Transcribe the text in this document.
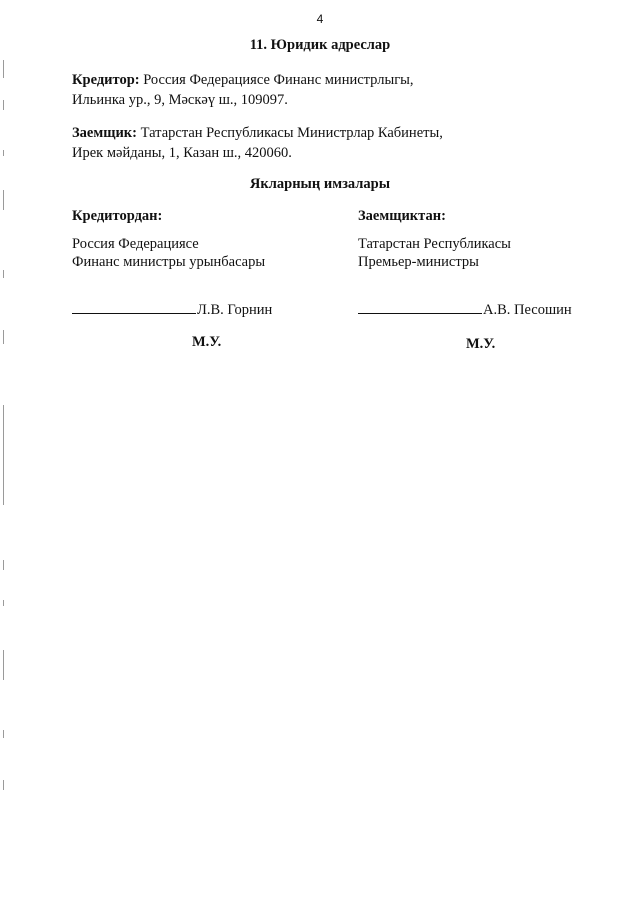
4
11. Юридик адреслар
Кредитор: Россия Федерациясе Финанс министрлыгы,
Ильинка ур., 9, Мәскәү ш., 109097.
Заемщик: Татарстан Республикасы Министрлар Кабинеты,
Ирек мәйданы, 1, Казан ш., 420060.
Якларның имзалары
Кредитордан:
Россия Федерациясе
Финанс министры урынбасары
Л.В. Горнин
М.У.
Заемщиктан:
Татарстан Республикасы
Премьер-министры
А.В. Песошин
М.У.
